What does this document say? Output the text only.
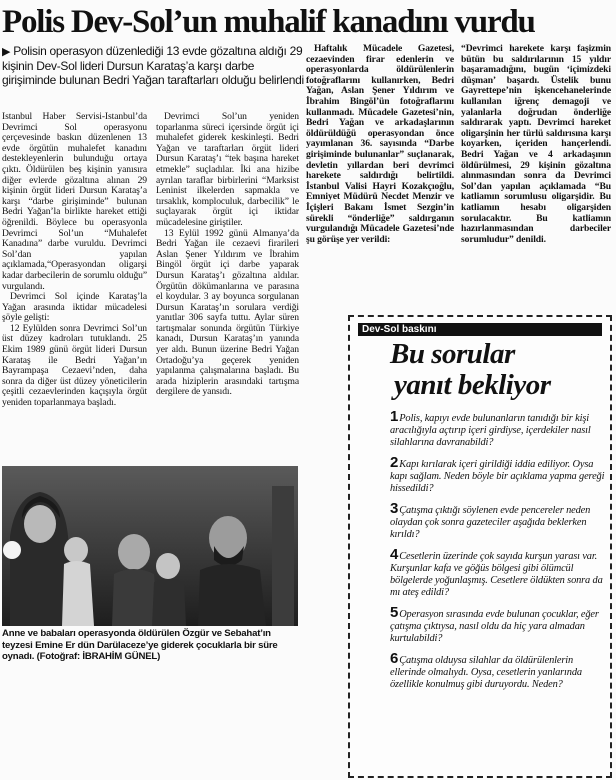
Polis Dev-Sol’un muhalif kanadını vurdu

▶ Polisin operasyon düzenlediği 13 evde gözaltına aldığı 29 kişinin Dev-Sol lideri Dursun Karataş’a karşı darbe girişiminde bulunan Bedri Yağan taraftarları olduğu belirlendi

İstanbul Haber Servisi-İstanbul’da Devrimci Sol operasyonu çerçevesinde baskın düzenlenen 13 evde örgütün muhalefet kanadını destekleyenlerin bulunduğu ortaya çıktı. Öldürülen beş kişinin yanısıra diğer evlerde gözaltına alınan 29 kişinin örgüt lideri Dursun Karataş’a karşı “darbe girişiminde” bulunan Bedri Yağan’la birlikte hareket ettiği öğrenildi. Böylece bu operasyonla Devrimci Sol’un “Muhalefet Kanadına” darbe vuruldu. Devrimci Sol’dan yapılan açıklamada,“Operasyondan oligarşi kadar darbecilerin de sorumlu olduğu” vurgulandı.

Devrimci Sol içinde Karataş’la Yağan arasında iktidar mücadelesi şöyle gelişti:

12 Eylülden sonra Devrimci Sol’un üst düzey kadroları tutuklandı. 25 Ekim 1989 günü örgüt lideri Dursun Karataş ile Bedri Yağan’ın Bayrampaşa Cezaevi’nden, daha sonra da diğer üst düzey yöneticilerin çeşitli cezaevlerinden kaçışıyla örgüt yeniden toparlanmaya başladı.

Devrimci Sol’un yeniden toparlanma süreci içersinde örgüt içi muhalefet giderek keskinleşti. Bedri Yağan ve taraftarları örgüt lideri Dursun Karataş’ı “tek başına hareket etmekle” suçladılar. İki ana hizibe ayrılan taraflar birbirlerini “Marksist Leninist ilkelerden sapmakla ve tırsaklık, komploculuk, darbecilik” le suçlayarak örgüt içi iktidar mücadelesine giriştiler.

13 Eylül 1992 günü Almanya’da Bedri Yağan ile cezaevi firarileri Aslan Şener Yıldırım ve İbrahim Bingöl örgüt içi darbe yaparak Dursun Karataş’ı gözaltına aldılar. Örgütün dökümanlarına ve parasına el koydular. 3 ay boyunca sorgulanan Dursun Karataş’ın sorulara verdiği yanıtlar 306 sayfa tuttu. Aylar süren tartışmalar sonunda örgütün Türkiye kanadı, Dursun Karataş’ın yanında yer aldı. Bunun üzerine Bedri Yağan Ortadoğu’ya geçerek yeniden yapılanma çalışmalarına başladı. Bu arada hiziplerin arasındaki tartışma dergilere de yansıdı.

Haftalık Mücadele Gazetesi, cezaevinden firar edenlerin ve operasyonlarda öldürülenlerin fotoğraflarını kullanırken, Bedri Yağan, Aslan Şener Yıldırım ve İbrahim Bingöl’ün fotoğraflarını kullanmadı. Mücadele Gazetesi’nin, Bedri Yağan ve arkadaşlarının öldürüldüğü operasyondan önce yayımlanan 36. sayısında “Darbe girişiminde bulunanlar” suçlanarak, devletin yıllardan beri devrimci harekete saldırdığı belirtildi. İstanbul Valisi Hayri Kozakçıoğlu, Emniyet Müdürü Necdet Menzir ve İçişleri Bakanı İsmet Sezgin’in sürekli “önderliğe” saldırganın vurgulandığı Mücadele Gazetesi’nde şu görüşe yer verildi:

“Devrimci harekete karşı faşizmin bütün bu saldırılarının 15 yıldır başaramadığını, bugün ‘içimizdeki düşman’ başardı. Üstelik bunu Gayrettepe’nin işkencehanelerinde kullanılan iğrenç demagoji ve yalanlarla doğrudan önderliğe saldırarak yaptı. Devrimci hareket oligarşinin her türlü saldırısına karşı koyarken, içeriden hançerlendi. Bedri Yağan ve 4 arkadaşının öldürülmesi, 29 kişinin gözaltına alınmasından sonra da Devrimci Sol’dan yapılan açıklamada “Bu katliamın sorumlusu oligarşidir. Bu katliamın hesabı oligarşiden sorulacaktır. Bu katliamın hazırlanmasından darbeciler sorumludur” denildi.

Anne ve babaları operasyonda öldürülen Özgür ve Sebahat’ın teyzesi Emine Er dün Darülaceze’ye giderek çocuklarla bir süre oynadı. (Fotoğraf: İBRAHİM GÜNEL)

Dev-Sol baskını
Bu sorular
yanıt bekliyor

1Polis, kapıyı evde bulunanların tanıdığı bir kişi aracılığıyla açtırıp içeri girdiyse, içerdekiler nasıl silahlarına davranabildi?

2Kapı kırılarak içeri girildiği iddia ediliyor. Oysa kapı sağlam. Neden böyle bir açıklama yapma gereği hissedildi?

3Çatışma çıktığı söylenen evde pencereler neden olaydan çok sonra gazeteciler aşağıda beklerken kırıldı?

4Cesetlerin üzerinde çok sayıda kurşun yarası var. Kurşunlar kafa ve göğüs bölgesi gibi ölümcül bölgelerde yoğunlaşmış. Cesetlere öldükten sonra da mı ateş edildi?

5Operasyon sırasında evde bulunan çocuklar, eğer çatışma çıktıysa, nasıl oldu da hiç yara almadan kurtulabildi?

6Çatışma olduysa silahlar da öldürülenlerin ellerinde olmalıydı. Oysa, cesetlerin yanlarında özellikle konulmuş gibi duruyordu. Neden?
